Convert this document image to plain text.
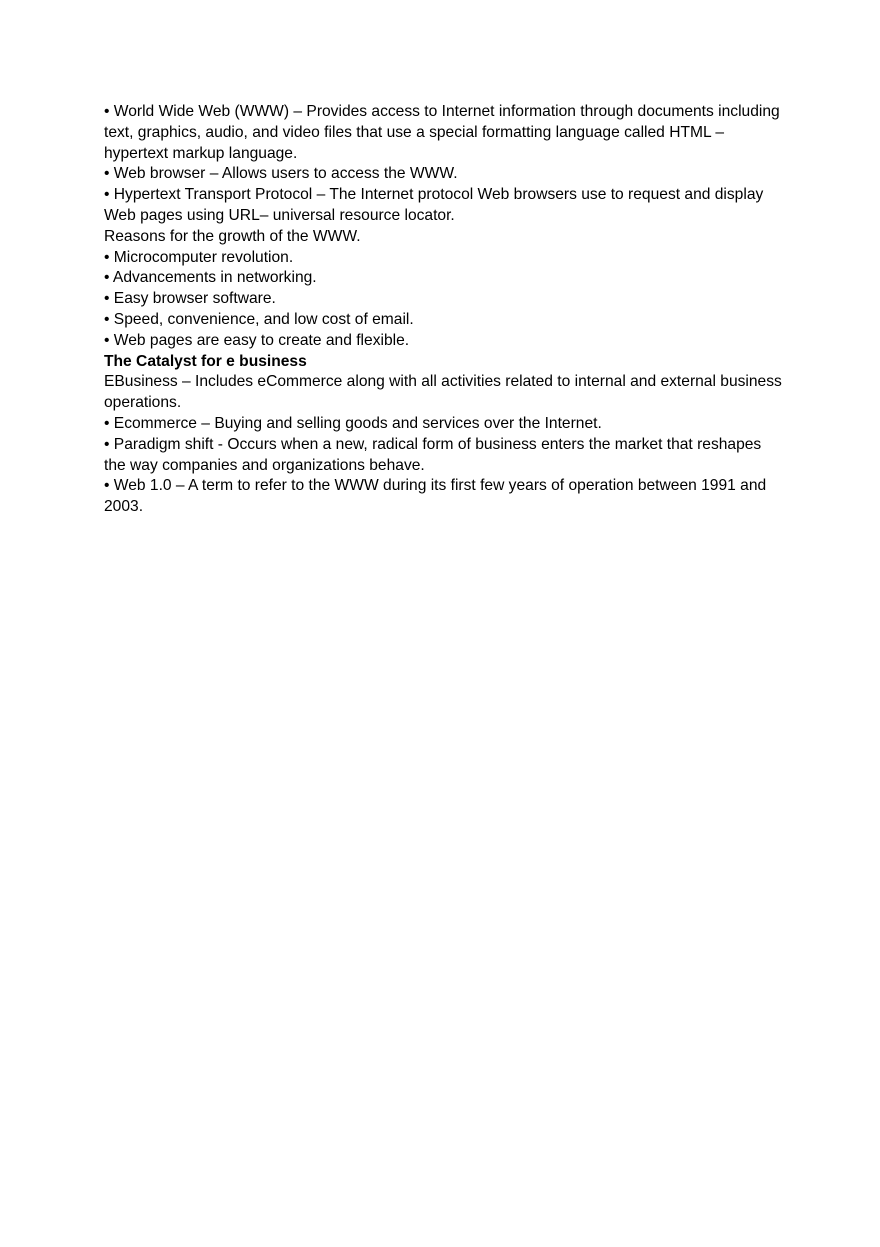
• World Wide Web (WWW) – Provides access to Internet information through documents including text, graphics, audio, and video files that use a special formatting language called HTML – hypertext markup language.

• Web browser – Allows users to access the WWW.

• Hypertext Transport Protocol – The Internet protocol Web browsers use to request and display Web pages using URL– universal resource locator.

Reasons for the growth of the WWW.

• Microcomputer revolution.

• Advancements in networking.

• Easy browser software.

• Speed, convenience, and low cost of email.

• Web pages are easy to create and flexible.

The Catalyst for e business

EBusiness – Includes eCommerce along with all activities related to internal and external business operations.

• Ecommerce – Buying and selling goods and services over the Internet.

• Paradigm shift - Occurs when a new, radical form of business enters the market that reshapes the way companies and organizations behave.

• Web 1.0 – A term to refer to the WWW during its first few years of operation between 1991 and 2003.
